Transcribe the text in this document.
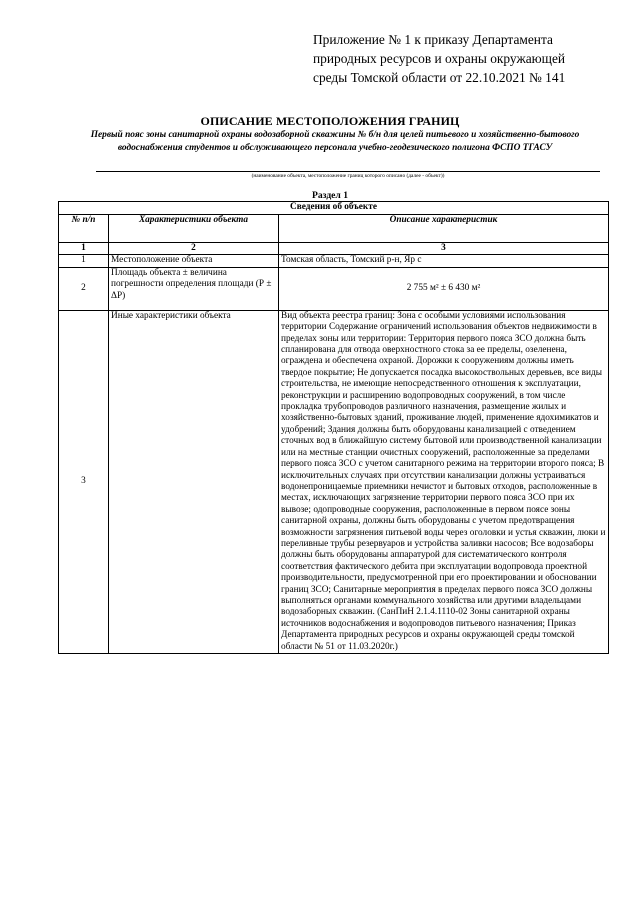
Приложение № 1 к приказу Департамента
природных ресурсов и охраны окружающей
среды Томской области от 22.10.2021 № 141
ОПИСАНИЕ МЕСТОПОЛОЖЕНИЯ ГРАНИЦ
Первый пояс зоны санитарной охраны водозаборной скважины № б/н для целей питьевого и хозяйственно-бытового водоснабжения студентов и обслуживающего персонала учебно-геодезического полигона ФСПО ТГАСУ
(наименование объекта, местоположение границ которого описано (далее - объект))
Раздел 1
Сведения об объекте		
№ п/п	Характеристики объекта	Описание характеристик
1	2	3
1	Местоположение объекта	Томская область, Томский р-н, Яр с
2	Площадь объекта ± величина погрешности определения площади (Р ± ΔР)	2 755 м² ± 6 430 м²
3	Иные характеристики объекта	Вид объекта реестра границ: Зона с особыми условиями использования территории Содержание ограничений использования объектов недвижимости в пределах зоны или территории: Территория первого пояса ЗСО должна быть спланирована для отвода оверхностного стока за ее пределы, озеленена, ограждена и обеспечена охраной. Дорожки к сооружениям должны иметь твердое покрытие; Не допускается посадка высокоствольных деревьев, все виды строительства, не имеющие непосредственного отношения к эксплуатации, реконструкции и расширению водопроводных сооружений, в том числе прокладка трубопроводов различного назначения, размещение жилых и хозяйственно-бытовых зданий, проживание людей, применение ядохимикатов и удобрений; Здания должны быть оборудованы канализацией с отведением сточных вод в ближайшую систему бытовой или производственной канализации или на местные станции очистных сооружений, расположенные за пределами первого пояса ЗСО с учетом санитарного режима на территории второго пояса; В исключительных случаях при отсутствии канализации должны устраиваться водонепроницаемые приемники нечистот и бытовых отходов, расположенные в местах, исключающих загрязнение территории первого пояса ЗСО при их вывозе; одопроводные сооружения, расположенные в первом поясе зоны санитарной охраны, должны быть оборудованы с учетом предотвращения возможности загрязнения питьевой воды через оголовки и устья скважин, люки и переливные трубы резервуаров и устройства заливки насосов; Все водозаборы должны быть оборудованы аппаратурой для систематического контроля соответствия фактического дебита при эксплуатации водопровода проектной производительности, предусмотренной при его проектировании и обосновании границ ЗСО; Санитарные мероприятия в пределах первого пояса ЗСО должны выполняться органами коммунального хозяйства или другими владельцами водозаборных скважин. (СанПиН 2.1.4.1110-02 Зоны санитарной охраны источников водоснабжения и водопроводов питьевого назначения; Приказ Департамента природных ресурсов и охраны окружающей среды томской области № 51 от 11.03.2020г.)
